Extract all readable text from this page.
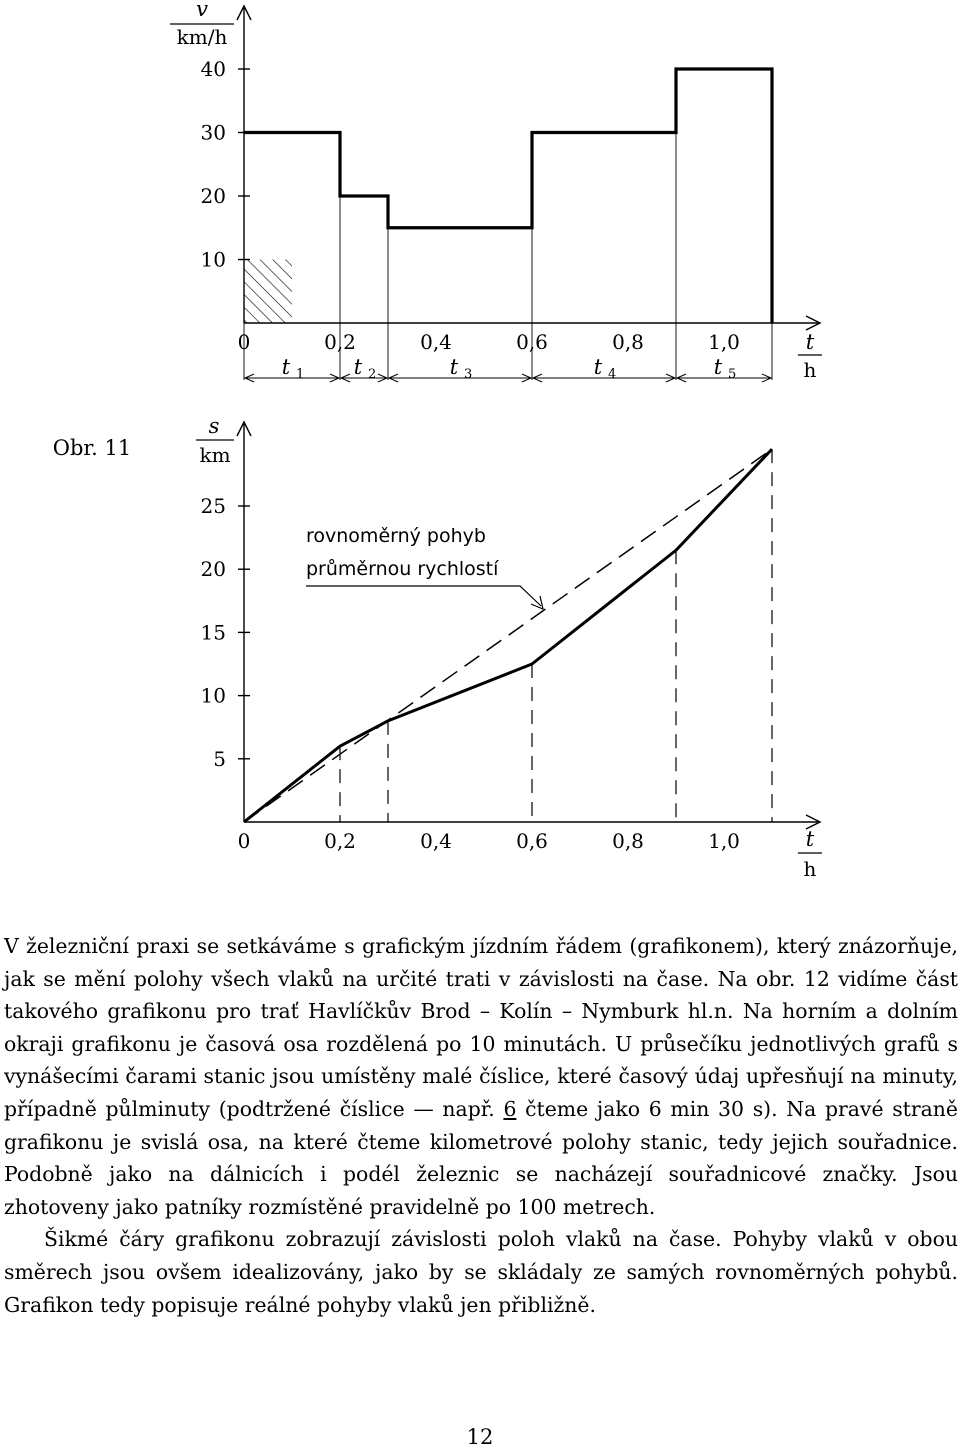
v
km/h
10
20
30
40
0	0,2	0,4	0,6	0,8	1,0	t
h
t 1 t 2	t 3	t 4	t 5
Obr. 11
s
km
5
10
15
20
25
0	0,2	0,4	0,6	0,8	1,0	t
h
rovnoměrný pohyb
průměrnou rychlostí

V železniční praxi se setkáváme s grafickým jízdním řádem (grafikonem), který znázorňuje, jak se mění polohy všech vlaků na určité trati v závislosti na čase. Na obr. 12 vidíme část takového grafikonu pro trať Havlíčkův Brod – Kolín – Nymburk hl.n. Na horním a dolním okraji grafikonu je časová osa rozdělená po 10 minutách. U průsečíku jednotlivých grafů s vynášecími čarami stanic jsou umístěny malé číslice, které časový údaj upřesňují na minuty, případně půlminuty (podtržené číslice — např. 6 čteme jako 6 min 30 s). Na pravé straně grafikonu je svislá osa, na které čteme kilometrové polohy stanic, tedy jejich souřadnice. Podobně jako na dálnicích i podél železnic se nacházejí souřadnicové značky. Jsou zhotoveny jako patníky rozmístěné pravidelně po 100 metrech.

Šikmé čáry grafikonu zobrazují závislosti poloh vlaků na čase. Pohyby vlaků v obou směrech jsou ovšem idealizovány, jako by se skládaly ze samých rovnoměrných pohybů. Grafikon tedy popisuje reálné pohyby vlaků jen přibližně.

12
